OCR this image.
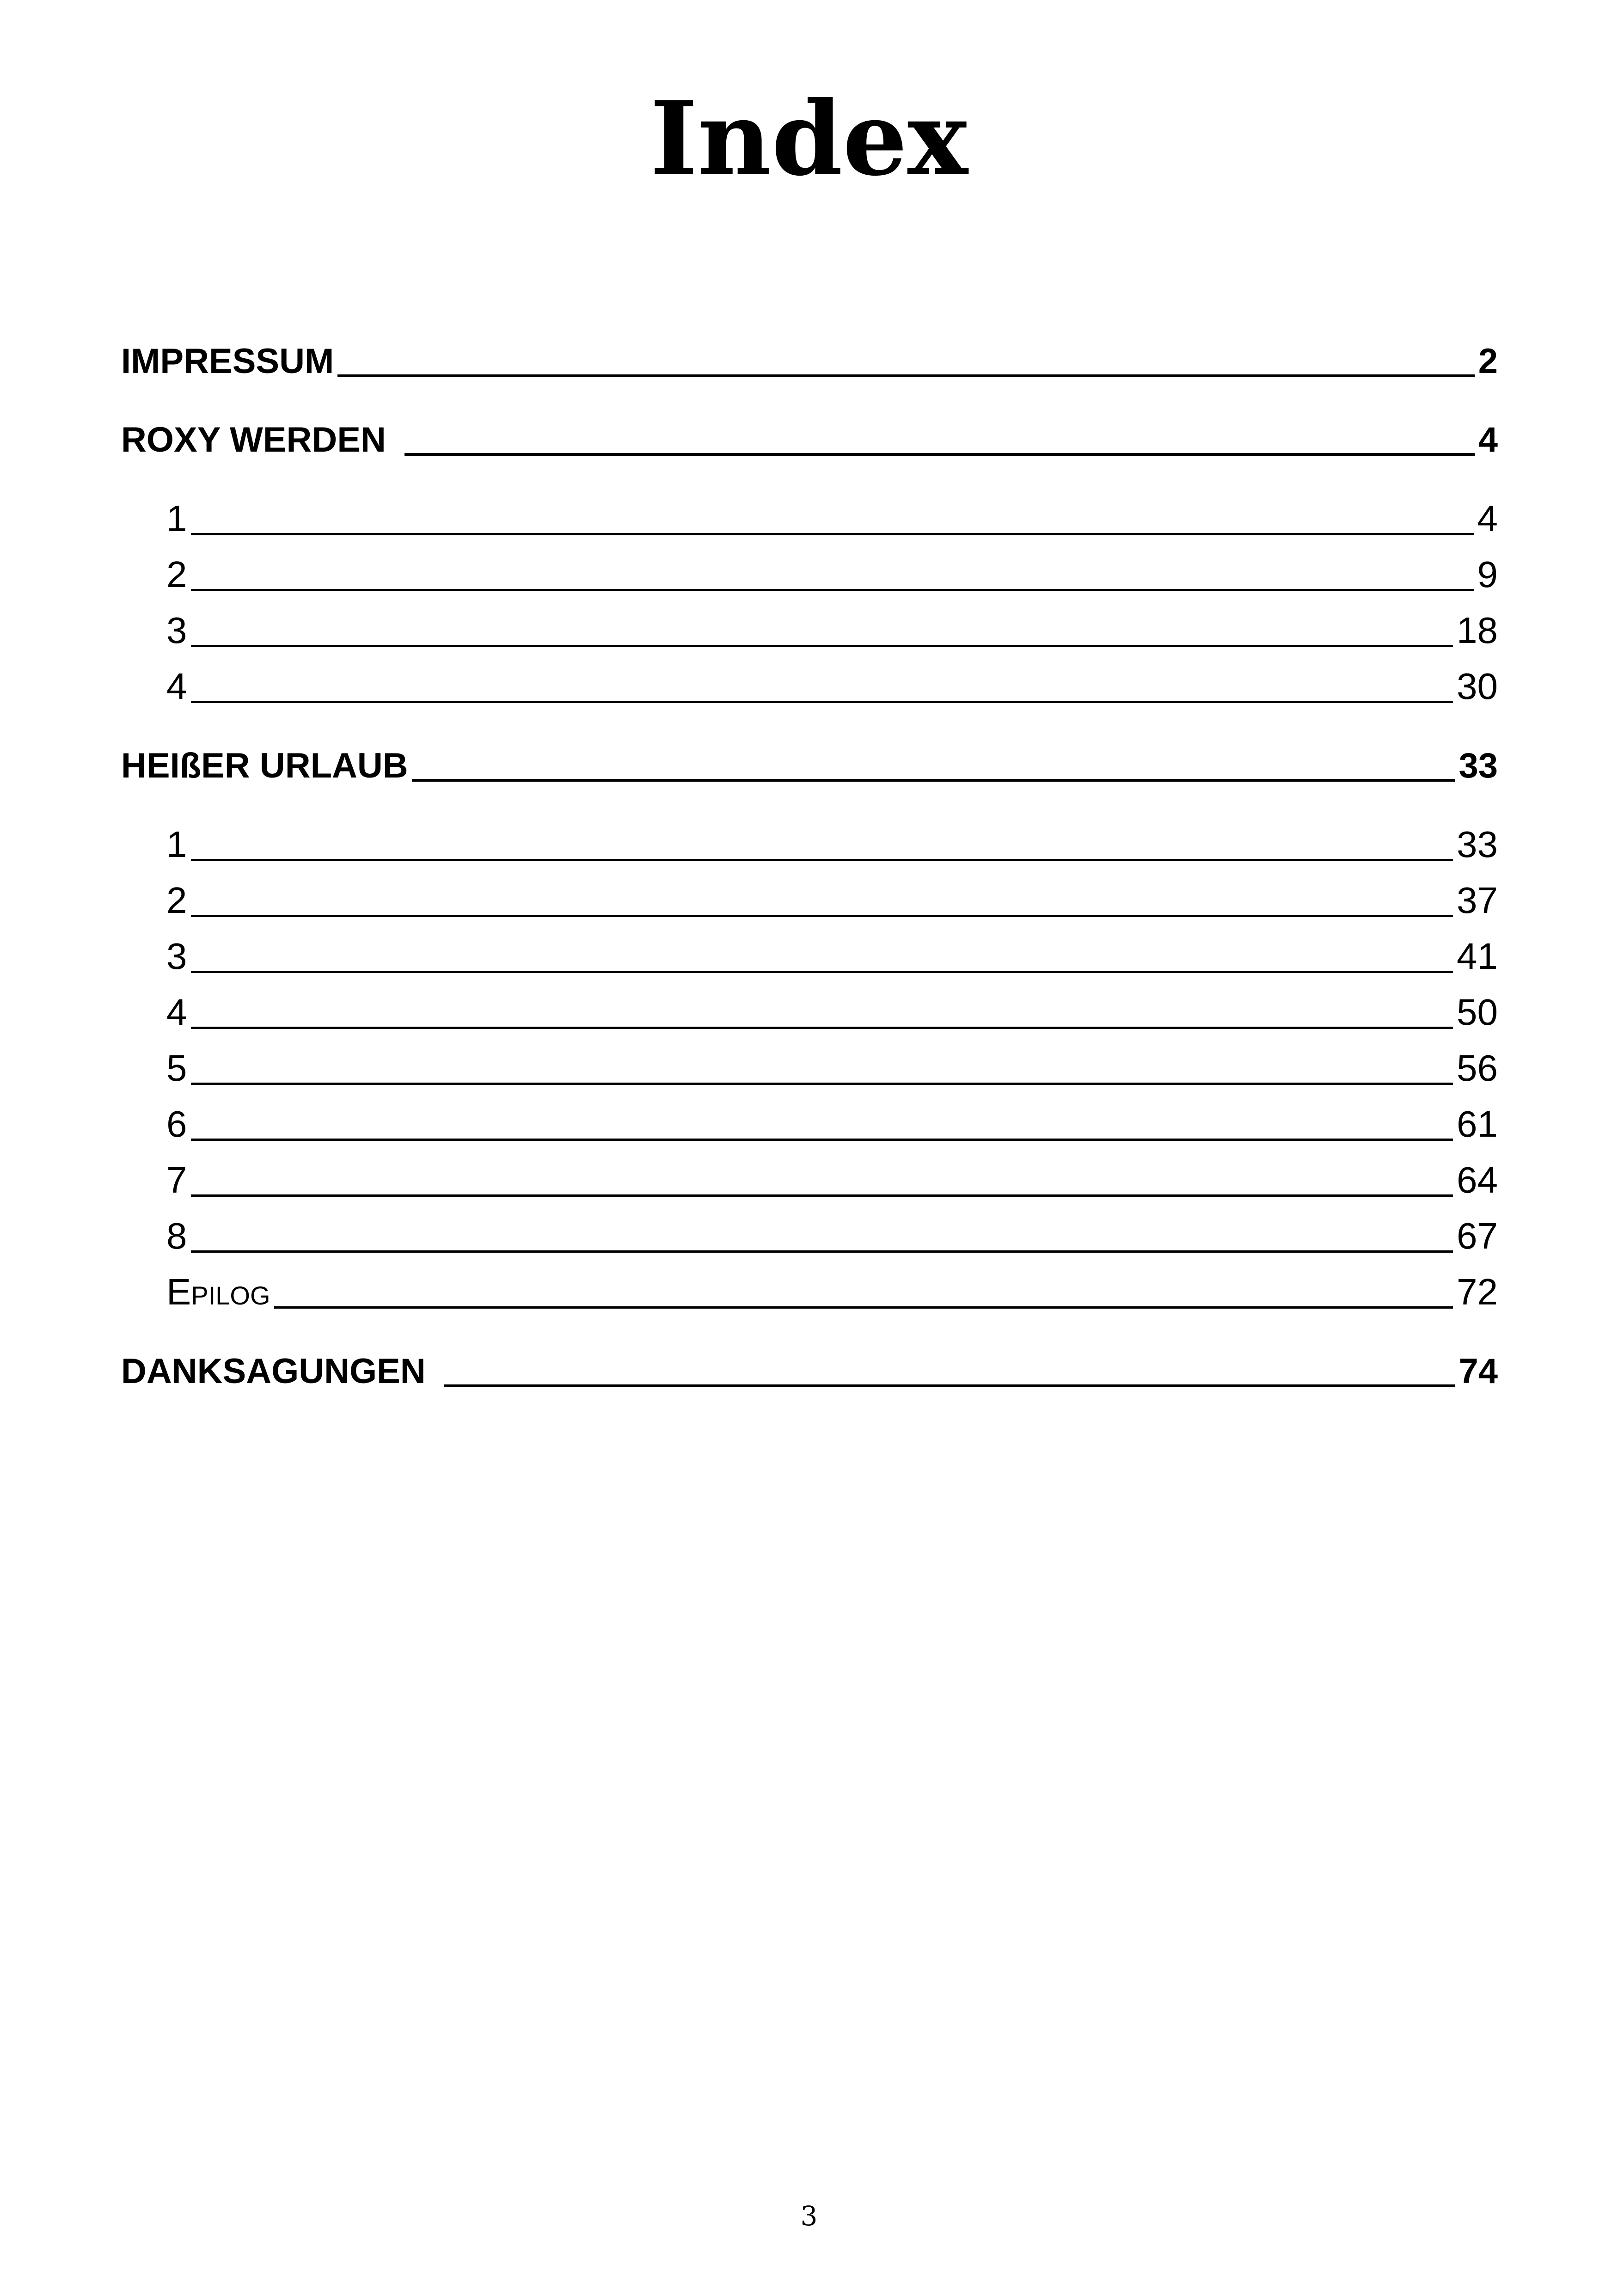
Index
IMPRESSUM	2
ROXY WERDEN	4
1	4
2	9
3	18
4	30
HEIßER URLAUB	33
1	33
2	37
3	41
4	50
5	56
6	61
7	64
8	67
Epilog	72
DANKSAGUNGEN	74
3
